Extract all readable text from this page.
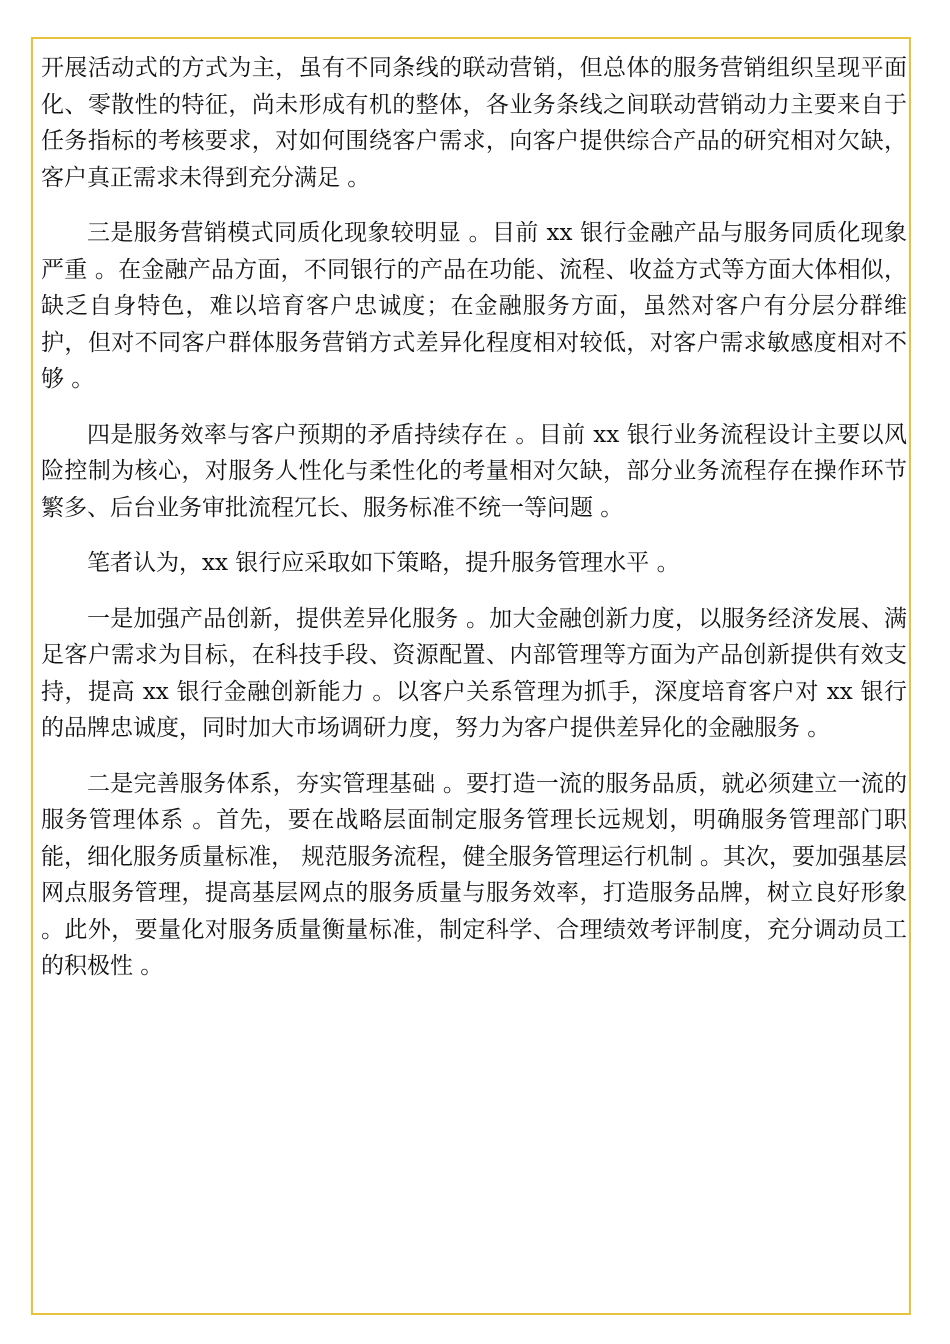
开展活动式的方式为主，虽有不同条线的联动营销，但总体的服务营销组织呈现平面化、零散性的特征，尚未形成有机的整体，各业务条线之间联动营销动力主要来自于任务指标的考核要求，对如何围绕客户需求，向客户提供综合产品的研究相对欠缺，客户真正需求未得到充分满足 。

三是服务营销模式同质化现象较明显 。目前 xx 银行金融产品与服务同质化现象严重 。在金融产品方面，不同银行的产品在功能、流程、收益方式等方面大体相似，缺乏自身特色，难以培育客户忠诚度；在金融服务方面，虽然对客户有分层分群维护，但对不同客户群体服务营销方式差异化程度相对较低，对客户需求敏感度相对不够 。

四是服务效率与客户预期的矛盾持续存在 。目前 xx 银行业务流程设计主要以风险控制为核心，对服务人性化与柔性化的考量相对欠缺，部分业务流程存在操作环节繁多、后台业务审批流程冗长、服务标准不统一等问题 。

笔者认为，xx 银行应采取如下策略，提升服务管理水平 。

一是加强产品创新，提供差异化服务 。加大金融创新力度，以服务经济发展、满足客户需求为目标，在科技手段、资源配置、内部管理等方面为产品创新提供有效支持，提高 xx 银行金融创新能力 。以客户关系管理为抓手，深度培育客户对 xx 银行的品牌忠诚度，同时加大市场调研力度，努力为客户提供差异化的金融服务 。

二是完善服务体系，夯实管理基础 。要打造一流的服务品质，就必须建立一流的服务管理体系 。首先，要在战略层面制定服务管理长远规划，明确服务管理部门职能，细化服务质量标准， 规范服务流程，健全服务管理运行机制 。其次，要加强基层网点服务管理，提高基层网点的服务质量与服务效率，打造服务品牌，树立良好形象 。此外，要量化对服务质量衡量标准，制定科学、合理绩效考评制度，充分调动员工的积极性 。
